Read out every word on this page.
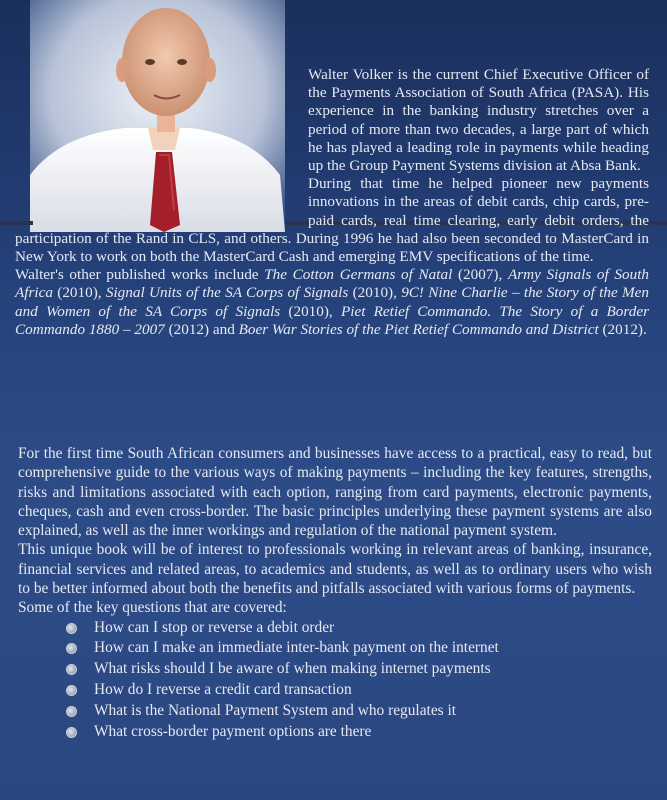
Walter Volker is the current Chief Executive Officer of the Payments Association of South Africa (PASA). His experience in the banking industry stretches over a period of more than two decades, a large part of which he has played a leading role in payments while heading up the Group Payment Systems division at Absa Bank.

During that time he helped pioneer new payments innovations in the areas of debit cards, chip cards, pre-paid cards, real time clearing, early debit orders, the participation of the Rand in CLS, and others. During 1996 he had also been seconded to MasterCard in New York to work on both the MasterCard Cash and emerging EMV specifications of the time.

Walter's other published works include The Cotton Germans of Natal (2007), Army Signals of South Africa (2010), Signal Units of the SA Corps of Signals (2010), 9C! Nine Charlie – the Story of the Men and Women of the SA Corps of Signals (2010), Piet Retief Commando. The Story of a Border Commando 1880 – 2007 (2012) and Boer War Stories of the Piet Retief Commando and District (2012).

For the first time South African consumers and businesses have access to a practical, easy to read, but comprehensive guide to the various ways of making payments – including the key features, strengths, risks and limitations associated with each option, ranging from card payments, electronic payments, cheques, cash and even cross-border. The basic principles underlying these payment systems are also explained, as well as the inner workings and regulation of the national payment system.

This unique book will be of interest to professionals working in relevant areas of banking, insurance, financial services and related areas, to academics and students, as well as to ordinary users who wish to be better informed about both the benefits and pitfalls associated with various forms of payments.

Some of the key questions that are covered:

How can I stop or reverse a debit order
How can I make an immediate inter-bank payment on the internet
What risks should I be aware of when making internet payments
How do I reverse a credit card transaction
What is the National Payment System and who regulates it
What cross-border payment options are there
